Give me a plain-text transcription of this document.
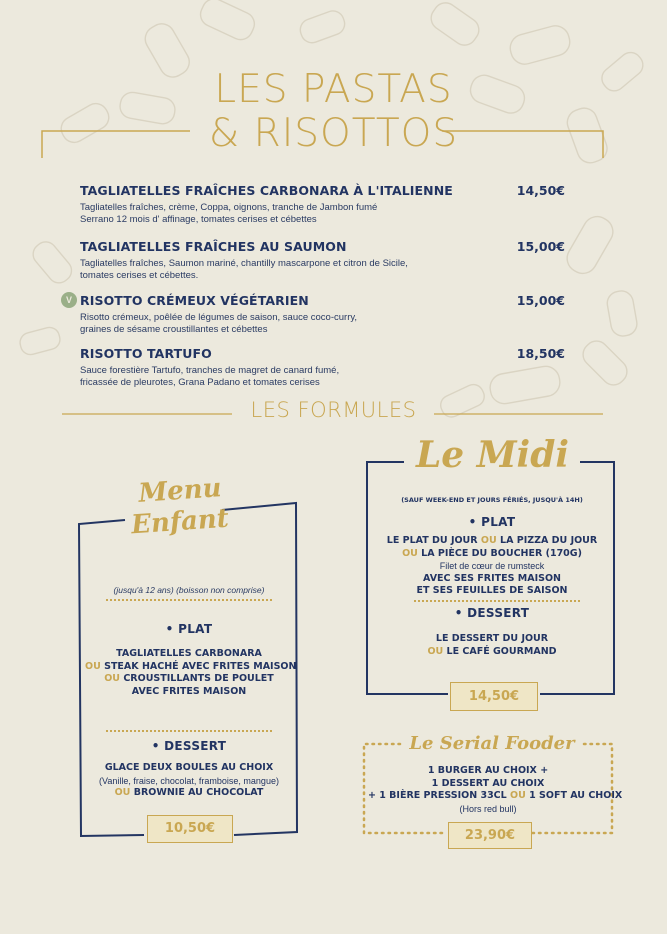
LES PASTAS
& RISOTTOS
TAGLIATELLES FRAÎCHES CARBONARA À L'ITALIENNE	14,50€
Tagliatelles fraîches, crème, Coppa, oignons, tranche de Jambon fumé
Serrano 12 mois d' affinage, tomates cerises et cébettes
TAGLIATELLES FRAÎCHES AU SAUMON	15,00€
Tagliatelles fraîches, Saumon mariné, chantilly mascarpone et citron de Sicile,
tomates cerises et cébettes.
V RISOTTO CRÉMEUX VÉGÉTARIEN	15,00€
Risotto crémeux, poêlée de légumes de saison, sauce coco-curry,
graines de sésame croustillantes et cébettes
RISOTTO TARTUFO	18,50€
Sauce forestière Tartufo, tranches de magret de canard fumé,
fricassée de pleurotes, Grana Padano et tomates cerises
LES FORMULES
Menu
Enfant
(jusqu'à 12 ans) (boisson non comprise)
• PLAT
TAGLIATELLES CARBONARA
OU STEAK HACHÉ AVEC FRITES MAISON
OU CROUSTILLANTS DE POULET
AVEC FRITES MAISON
• DESSERT
GLACE DEUX BOULES AU CHOIX
(Vanille, fraise, chocolat, framboise, mangue)
OU BROWNIE AU CHOCOLAT
10,50€
Le Midi
(SAUF WEEK-END ET JOURS FÉRIÉS, JUSQU'À 14H)
• PLAT
LE PLAT DU JOUR OU LA PIZZA DU JOUR
OU LA PIÈCE DU BOUCHER (170G)
Filet de cœur de rumsteck
AVEC SES FRITES MAISON
ET SES FEUILLES DE SAISON
• DESSERT
LE DESSERT DU JOUR
OU LE CAFÉ GOURMAND
14,50€
Le Serial Fooder
1 BURGER AU CHOIX +
1 DESSERT AU CHOIX
+ 1 BIÈRE PRESSION 33CL OU 1 SOFT AU CHOIX
(Hors red bull)
23,90€
